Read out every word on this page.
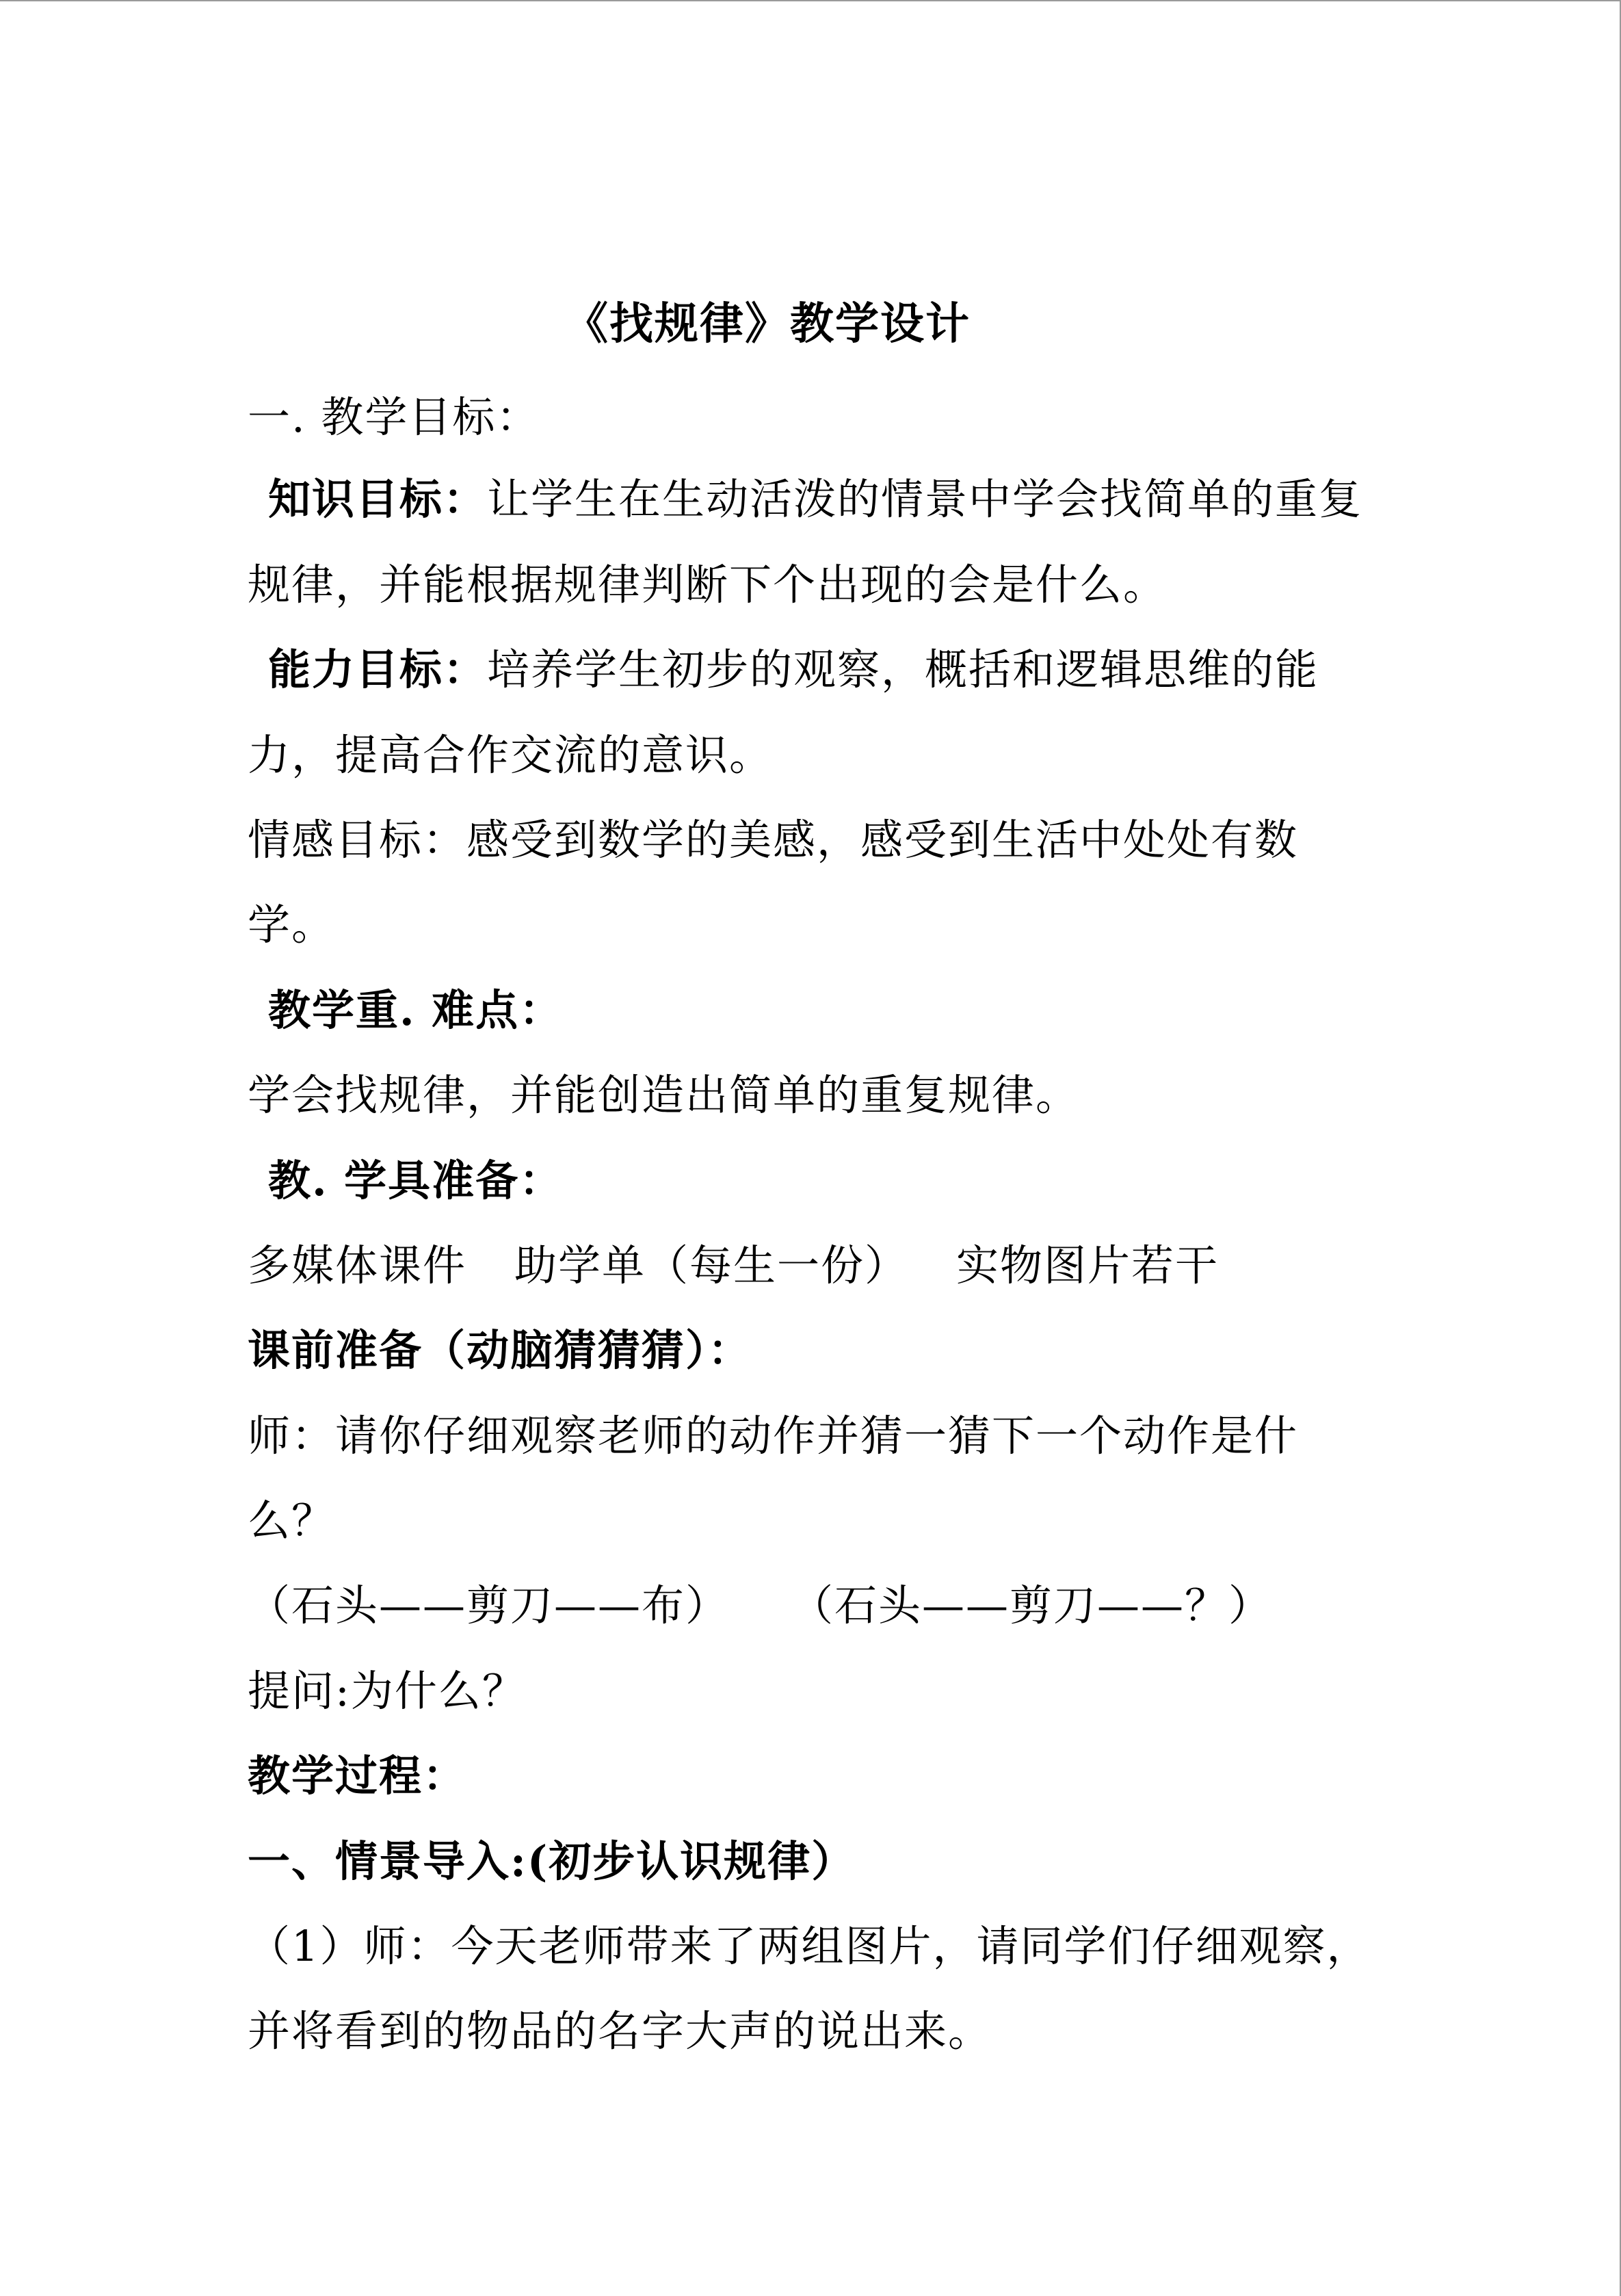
《找规律》教学设计
一. 教学目标：
知识目标：让学生在生动活泼的情景中学会找简单的重复
规律，并能根据规律判断下个出现的会是什么。
能力目标：培养学生初步的观察，概括和逻辑思维的能
力，提高合作交流的意识。
情感目标：感受到数学的美感，感受到生活中处处有数
学。
教学重. 难点：
学会找规律，并能创造出简单的重复规律。
教. 学具准备：
多媒体课件 助学单（每生一份） 实物图片若干
课前准备（动脑猜猜猜）：
师：请你仔细观察老师的动作并猜一猜下一个动作是什
么？
（石头——剪刀——布） （石头——剪刀——？）
提问:为什么？
教学过程：
一、情景导入:(初步认识规律）
（1）师：今天老师带来了两组图片，请同学们仔细观察，
并将看到的物品的名字大声的说出来。
